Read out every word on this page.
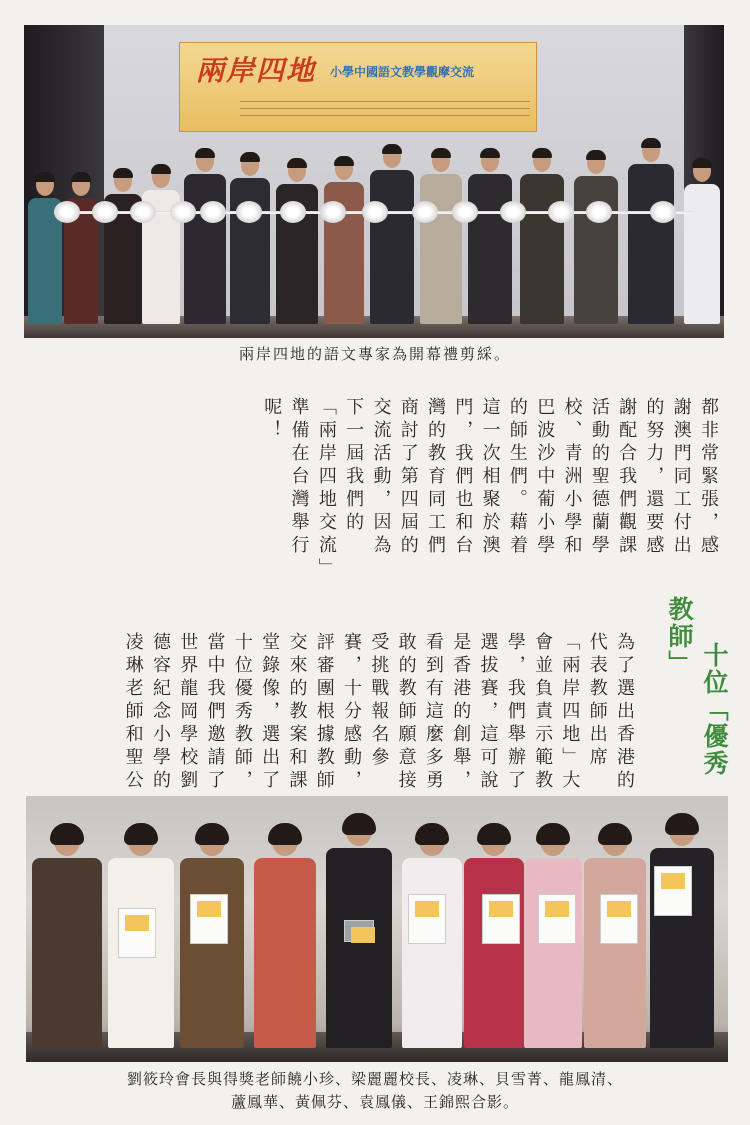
兩岸四地 小學中國語文教學觀摩交流
兩岸四地的語文專家為開幕禮剪綵。
都非常緊張，感謝澳門同工付出的努力，還要感謝配合我們觀課活動的聖德蘭學校、青洲小學和巴波沙中葡小學的師生們。藉着這一次相聚於澳門，我們也和台灣的教育同工們商討了第四屆的交流活動，因為下一屆我們的「兩岸四地交流」準備在台灣舉行呢！
十位「優秀
教師」
為了選出香港的代表教師出席「兩岸四地」大會並負責示範教學，我們舉辦了選拔賽，這可說是香港的創舉，看到有這麼多勇敢的教師願意接受挑戰報名參賽，十分感動，評審團根據教師交來的教案和課堂錄像，選出了十位優秀教師，當中我們邀請了世界龍岡學校劉德容紀念小學的凌琳老師和聖公
劉筱玲會長與得獎老師饒小珍、梁麗麗校長、凌琳、貝雪菁、龍鳳清、
蘆鳳華、黃佩芬、袁鳳儀、王錦熙合影。
